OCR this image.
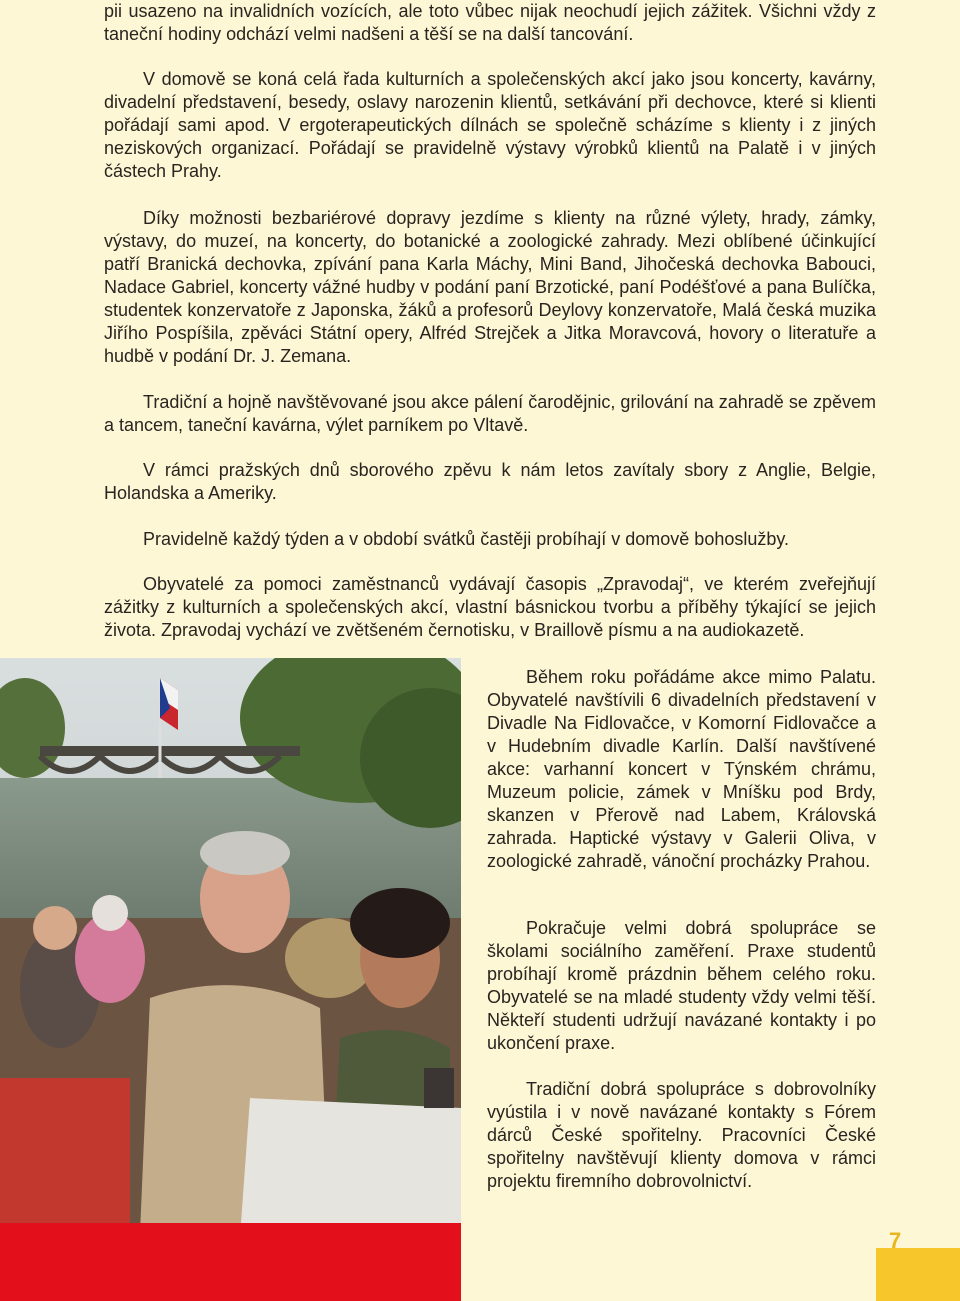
pii usazeno na invalidních vozících, ale toto vůbec nijak neochudí jejich zážitek. Všichni vždy z taneční hodiny odchází velmi nadšeni a těší se na další tancování.

V domově se koná celá řada kulturních a společenských akcí jako jsou koncerty, kavárny, divadelní představení, besedy, oslavy narozenin klientů, setkávání při dechovce, které si klienti pořádají sami apod. V ergoterapeutických dílnách se společně scházíme s klienty i z jiných neziskových organizací. Pořádají se pravidelně výstavy výrobků klientů na Palatě i v jiných částech Prahy.

Díky možnosti bezbariérové dopravy jezdíme s klienty na různé výlety, hrady, zámky, výstavy, do muzeí, na koncerty, do botanické a zoologické zahrady. Mezi oblíbené účinkující patří Branická dechovka, zpívání pana Karla Máchy, Mini Band, Jihočeská dechovka Babouci, Nadace Gabriel, koncerty vážné hudby v podání paní Brzotické, paní Podéšťové a pana Bulíčka, studentek konzervatoře z Japonska, žáků a profesorů Deylovy konzervatoře, Malá česká muzika Jiřího Pospíšila, zpěváci Státní opery, Alfréd Strejček a Jitka Moravcová, hovory o literatuře a hudbě v podání Dr. J. Zemana.

Tradiční a hojně navštěvované jsou akce pálení čarodějnic, grilování na zahradě se zpěvem a tancem, taneční kavárna, výlet parníkem po Vltavě.

V rámci pražských dnů sborového zpěvu k nám letos zavítaly sbory z Anglie, Belgie, Holandska a Ameriky.

Pravidelně každý týden a v období svátků častěji probíhají v domově bohoslužby.

Obyvatelé za pomoci zaměstnanců vydávají časopis „Zpravodaj“, ve kterém zveřejňují zážitky z kulturních a společenských akcí, vlastní básnickou tvorbu a příběhy týkající se jejich života. Zpravodaj vychází ve zvětšeném černotisku, v Braillově písmu a na audiokazetě.

7

Během roku pořádáme akce mimo Palatu. Obyvatelé navštívili 6 divadelních představení v Divadle Na Fidlovačce, v Komorní Fidlovačce a v Hudebním divadle Karlín. Další navštívené akce: varhanní koncert v Týnském chrámu, Muzeum policie, zámek v Mníšku pod Brdy, skanzen v Přerově nad Labem, Královská zahrada. Haptické výstavy v Galerii Oliva, v zoologické zahradě, vánoční procházky Prahou.

Pokračuje velmi dobrá spolupráce se školami sociálního zaměření. Praxe studentů probíhají kromě prázdnin během celého roku. Obyvatelé se na mladé studenty vždy velmi těší. Někteří studenti udržují navázané kontakty i po ukončení praxe.

Tradiční dobrá spolupráce s dobrovolníky vyústila i v nově navázané kontakty s Fórem dárců České spořitelny. Pracovníci České spořitelny navštěvují klienty domova v rámci projektu firemního dobrovolnictví.
